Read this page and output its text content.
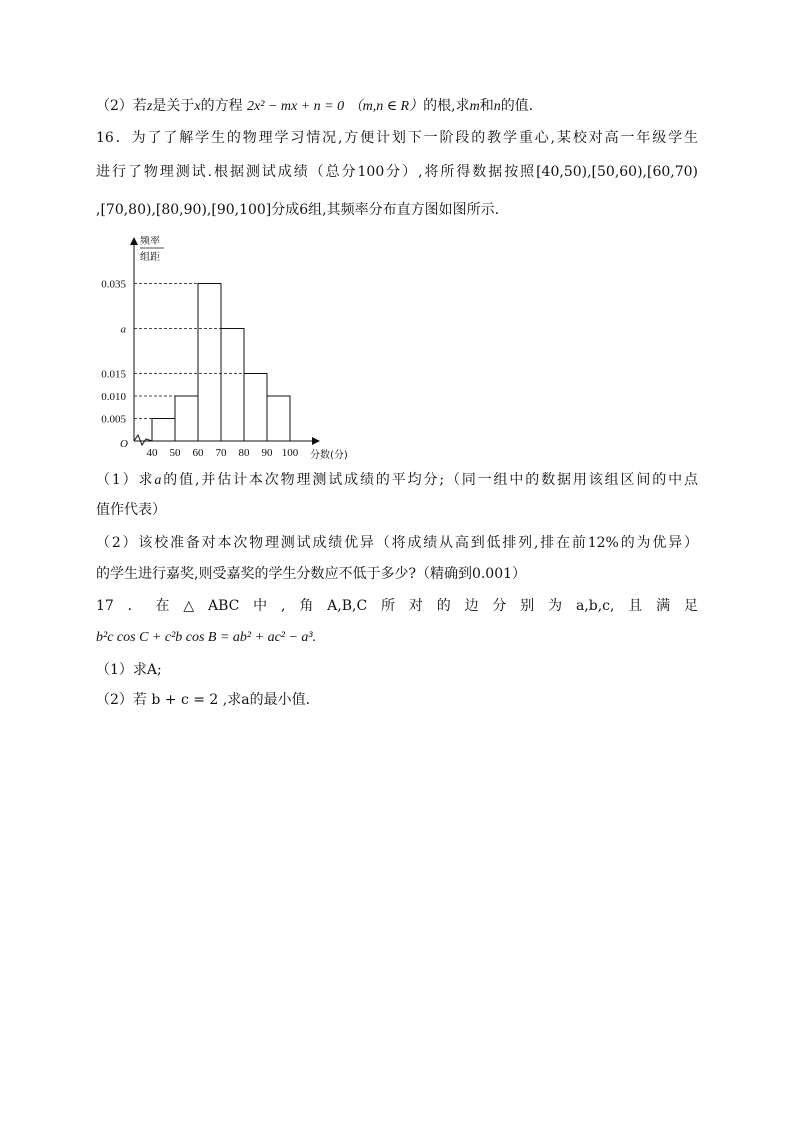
（2）若z是关于x的方程 2x² − mx + n = 0 （m,n ∈ R）的根,求m和n的值.
16．为了了解学生的物理学习情况,方便计划下一阶段的教学重心,某校对高一年级学生
进行了物理测试.根据测试成绩（总分100分）,将所得数据按照[40,50),[50,60),[60,70)
,[70,80),[80,90),[90,100]分成6组,其频率分布直方图如图所示.
频率
组距
O
0.005
0.010
0.015
a
0.035
40 50 60 70 80 90 100 分数(分)
（1）求a的值,并估计本次物理测试成绩的平均分;（同一组中的数据用该组区间的中点
值作代表）
（2）该校准备对本次物理测试成绩优异（将成绩从高到低排列,排在前12%的为优异）
的学生进行嘉奖,则受嘉奖的学生分数应不低于多少?（精确到0.001）
17．在△ABC中,角A,B,C所对的边分别为a,b,c,且满足
b²c cos C + c²b cos B = ab² + ac² − a³.
（1）求A;
（2）若 b + c = 2 ,求a的最小值.
